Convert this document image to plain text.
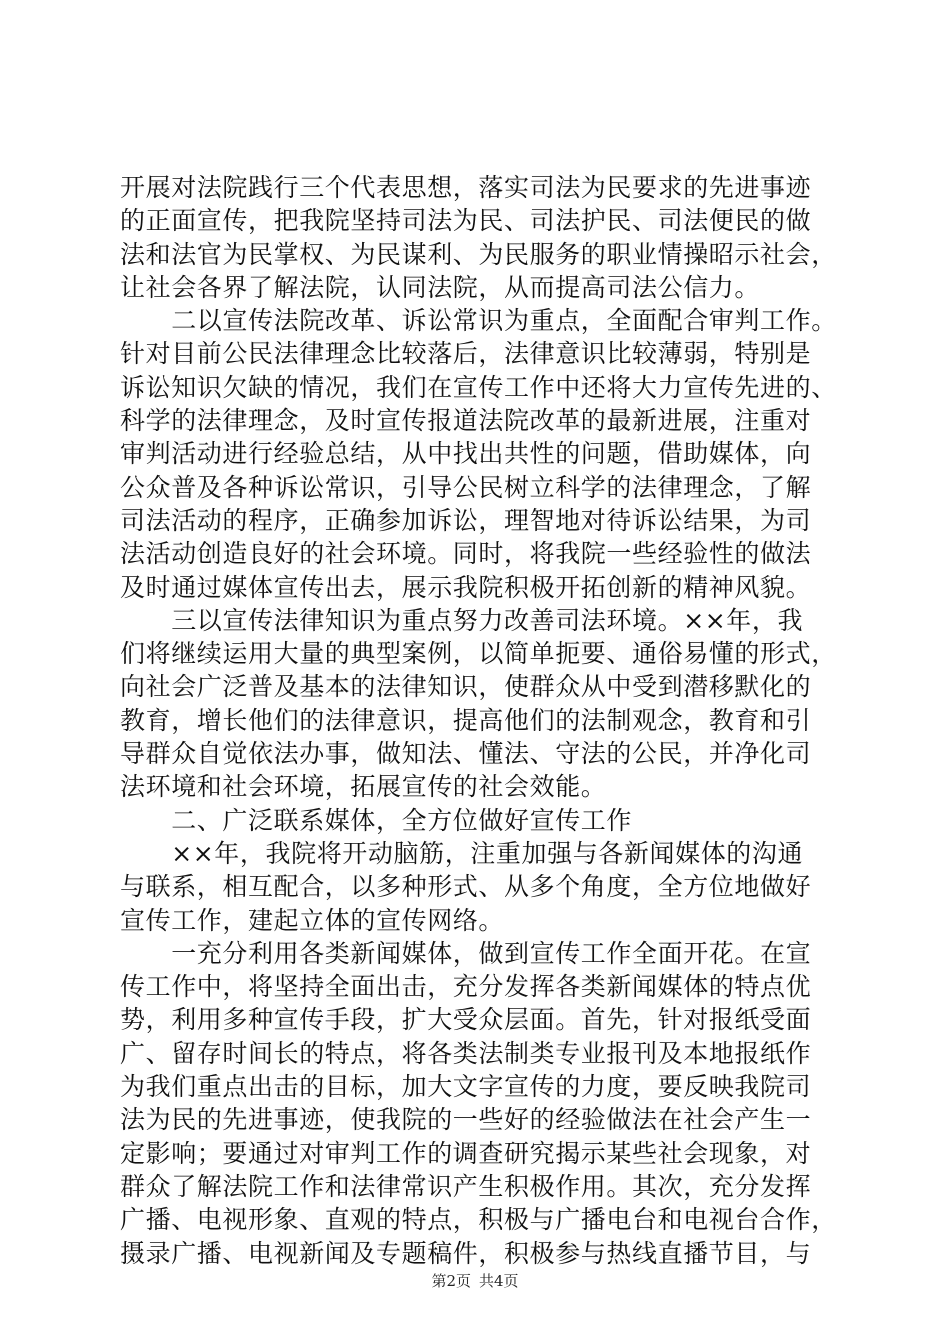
开展对法院践行三个代表思想，落实司法为民要求的先进事迹
的正面宣传，把我院坚持司法为民、司法护民、司法便民的做
法和法官为民掌权、为民谋利、为民服务的职业情操昭示社会，
让社会各界了解法院，认同法院，从而提高司法公信力。
　　二以宣传法院改革、诉讼常识为重点，全面配合审判工作。
针对目前公民法律理念比较落后，法律意识比较薄弱，特别是
诉讼知识欠缺的情况，我们在宣传工作中还将大力宣传先进的、
科学的法律理念，及时宣传报道法院改革的最新进展，注重对
审判活动进行经验总结，从中找出共性的问题，借助媒体，向
公众普及各种诉讼常识，引导公民树立科学的法律理念，了解
司法活动的程序，正确参加诉讼，理智地对待诉讼结果，为司
法活动创造良好的社会环境。同时，将我院一些经验性的做法
及时通过媒体宣传出去，展示我院积极开拓创新的精神风貌。
　　三以宣传法律知识为重点努力改善司法环境。××年，我
们将继续运用大量的典型案例，以简单扼要、通俗易懂的形式，
向社会广泛普及基本的法律知识，使群众从中受到潜移默化的
教育，增长他们的法律意识，提高他们的法制观念，教育和引
导群众自觉依法办事，做知法、懂法、守法的公民，并净化司
法环境和社会环境，拓展宣传的社会效能。
　　二、广泛联系媒体，全方位做好宣传工作
　　××年，我院将开动脑筋，注重加强与各新闻媒体的沟通
与联系，相互配合，以多种形式、从多个角度，全方位地做好
宣传工作，建起立体的宣传网络。
　　一充分利用各类新闻媒体，做到宣传工作全面开花。在宣
传工作中，将坚持全面出击，充分发挥各类新闻媒体的特点优
势，利用多种宣传手段，扩大受众层面。首先，针对报纸受面
广、留存时间长的特点，将各类法制类专业报刊及本地报纸作
为我们重点出击的目标，加大文字宣传的力度，要反映我院司
法为民的先进事迹，使我院的一些好的经验做法在社会产生一
定影响；要通过对审判工作的调查研究揭示某些社会现象，对
群众了解法院工作和法律常识产生积极作用。其次，充分发挥
广播、电视形象、直观的特点，积极与广播电台和电视台合作，
摄录广播、电视新闻及专题稿件，积极参与热线直播节目，与
第2页 共4页
